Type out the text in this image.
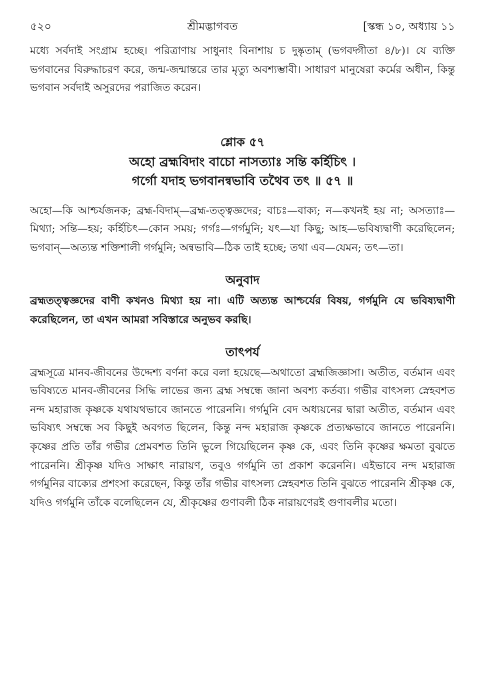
৫২০	শ্রীমদ্ভাগবত	[স্কন্ধ ১০, অধ্যায় ১১

মধ্যে সর্বদাই সংগ্রাম হচ্ছে। পরিত্রাণায় সাধুনাং বিনাশায় চ দুষ্কৃতাম্ (ভগবদ্গীতা ৪/৮)। যে ব্যক্তি ভগবানের বিরুদ্ধাচরণ করে, জন্ম-জন্মান্তরে তার মৃত্যু অবশ্যম্ভাবী। সাধারণ মানুষেরা কর্মের অধীন, কিন্তু ভগবান সর্বদাই অসুরদের পরাজিত করেন।

শ্লোক ৫৭
অহো ব্রহ্মবিদাং বাচো নাসত্যাঃ সন্তি কর্হিচিৎ ।
গর্গো যদাহ ভগবানন্বভাবি তথৈব তৎ ॥ ৫৭ ॥

অহো—কি আশ্চর্যজনক; ব্রহ্ম-বিদাম্—ব্রহ্ম-তত্ত্বজ্ঞদের; বাচঃ—বাক্য; ন—কখনই হয় না; অসত্যাঃ—মিথ্যা; সন্তি—হয়; কর্হিচিৎ—কোন সময়; গর্গঃ—গর্গমুনি; যৎ—যা কিছু; আহ—ভবিষ্যদ্বাণী করেছিলেন; ভগবান্—অত্যন্ত শক্তিশালী গর্গমুনি; অন্বভাবি—ঠিক তাই হচ্ছে; তথা এব—যেমন; তৎ—তা।

অনুবাদ

ব্রহ্মতত্ত্বজ্ঞদের বাণী কখনও মিথ্যা হয় না। এটি অত্যন্ত আশ্চর্যের বিষয়, গর্গমুনি যে ভবিষ্যদ্বাণী করেছিলেন, তা এখন আমরা সবিস্তারে অনুভব করছি।

তাৎপর্য

ব্রহ্মসূত্রে মানব-জীবনের উদ্দেশ্য বর্ণনা করে বলা হয়েছে—অথাতো ব্রহ্মজিজ্ঞাসা। অতীত, বর্তমান এবং ভবিষ্যতে মানব-জীবনের সিদ্ধি লাভের জন্য ব্রহ্ম সম্বন্ধে জানা অবশ্য কর্তব্য। গভীর বাৎসল্য স্নেহবশত নন্দ মহারাজ কৃষ্ণকে যথাযথভাবে জানতে পারেননি। গর্গমুনি বেদ অধ্যয়নের দ্বারা অতীত, বর্তমান এবং ভবিষ্যৎ সম্বন্ধে সব কিছুই অবগত ছিলেন, কিন্তু নন্দ মহারাজ কৃষ্ণকে প্রত্যক্ষভাবে জানতে পারেননি। কৃষ্ণের প্রতি তাঁর গভীর প্রেমবশত তিনি ভুলে গিয়েছিলেন কৃষ্ণ কে, এবং তিনি কৃষ্ণের ক্ষমতা বুঝতে পারেননি। শ্রীকৃষ্ণ যদিও সাক্ষাৎ নারায়ণ, তবুও গর্গমুনি তা প্রকাশ করেননি। এইভাবে নন্দ মহারাজ গর্গমুনির বাক্যের প্রশংসা করেছেন, কিন্তু তাঁর গভীর বাৎসল্য স্নেহবশত তিনি বুঝতে পারেননি শ্রীকৃষ্ণ কে, যদিও গর্গমুনি তাঁকে বলেছিলেন যে, শ্রীকৃষ্ণের গুণাবলী ঠিক নারায়ণেরই গুণাবলীর মতো।
